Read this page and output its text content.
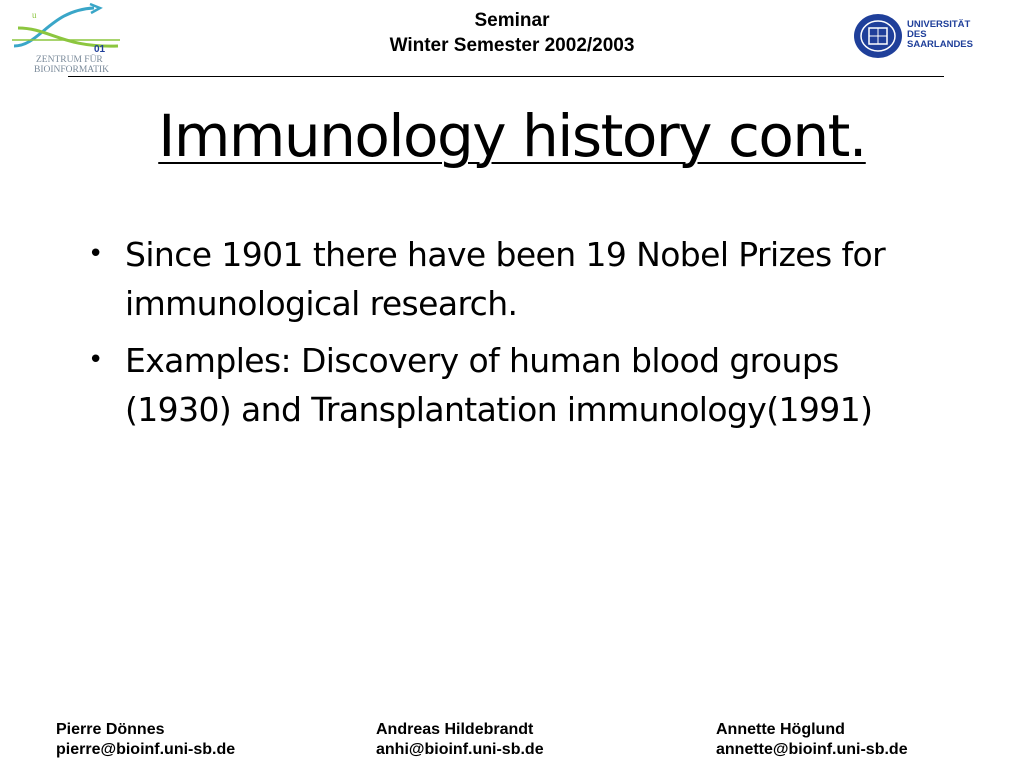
u
01
ZENTRUM FÜR
BIOINFORMATIK
Seminar
Winter Semester 2002/2003
UNIVERSITÄT
DES
SAARLANDES
Immunology history cont.
• Since 1901 there have been 19 Nobel Prizes for immunological research.
• Examples: Discovery of human blood groups (1930) and Transplantation immunology(1991)
Pierre Dönnes
pierre@bioinf.uni-sb.de
Andreas Hildebrandt
anhi@bioinf.uni-sb.de
Annette Höglund
annette@bioinf.uni-sb.de
